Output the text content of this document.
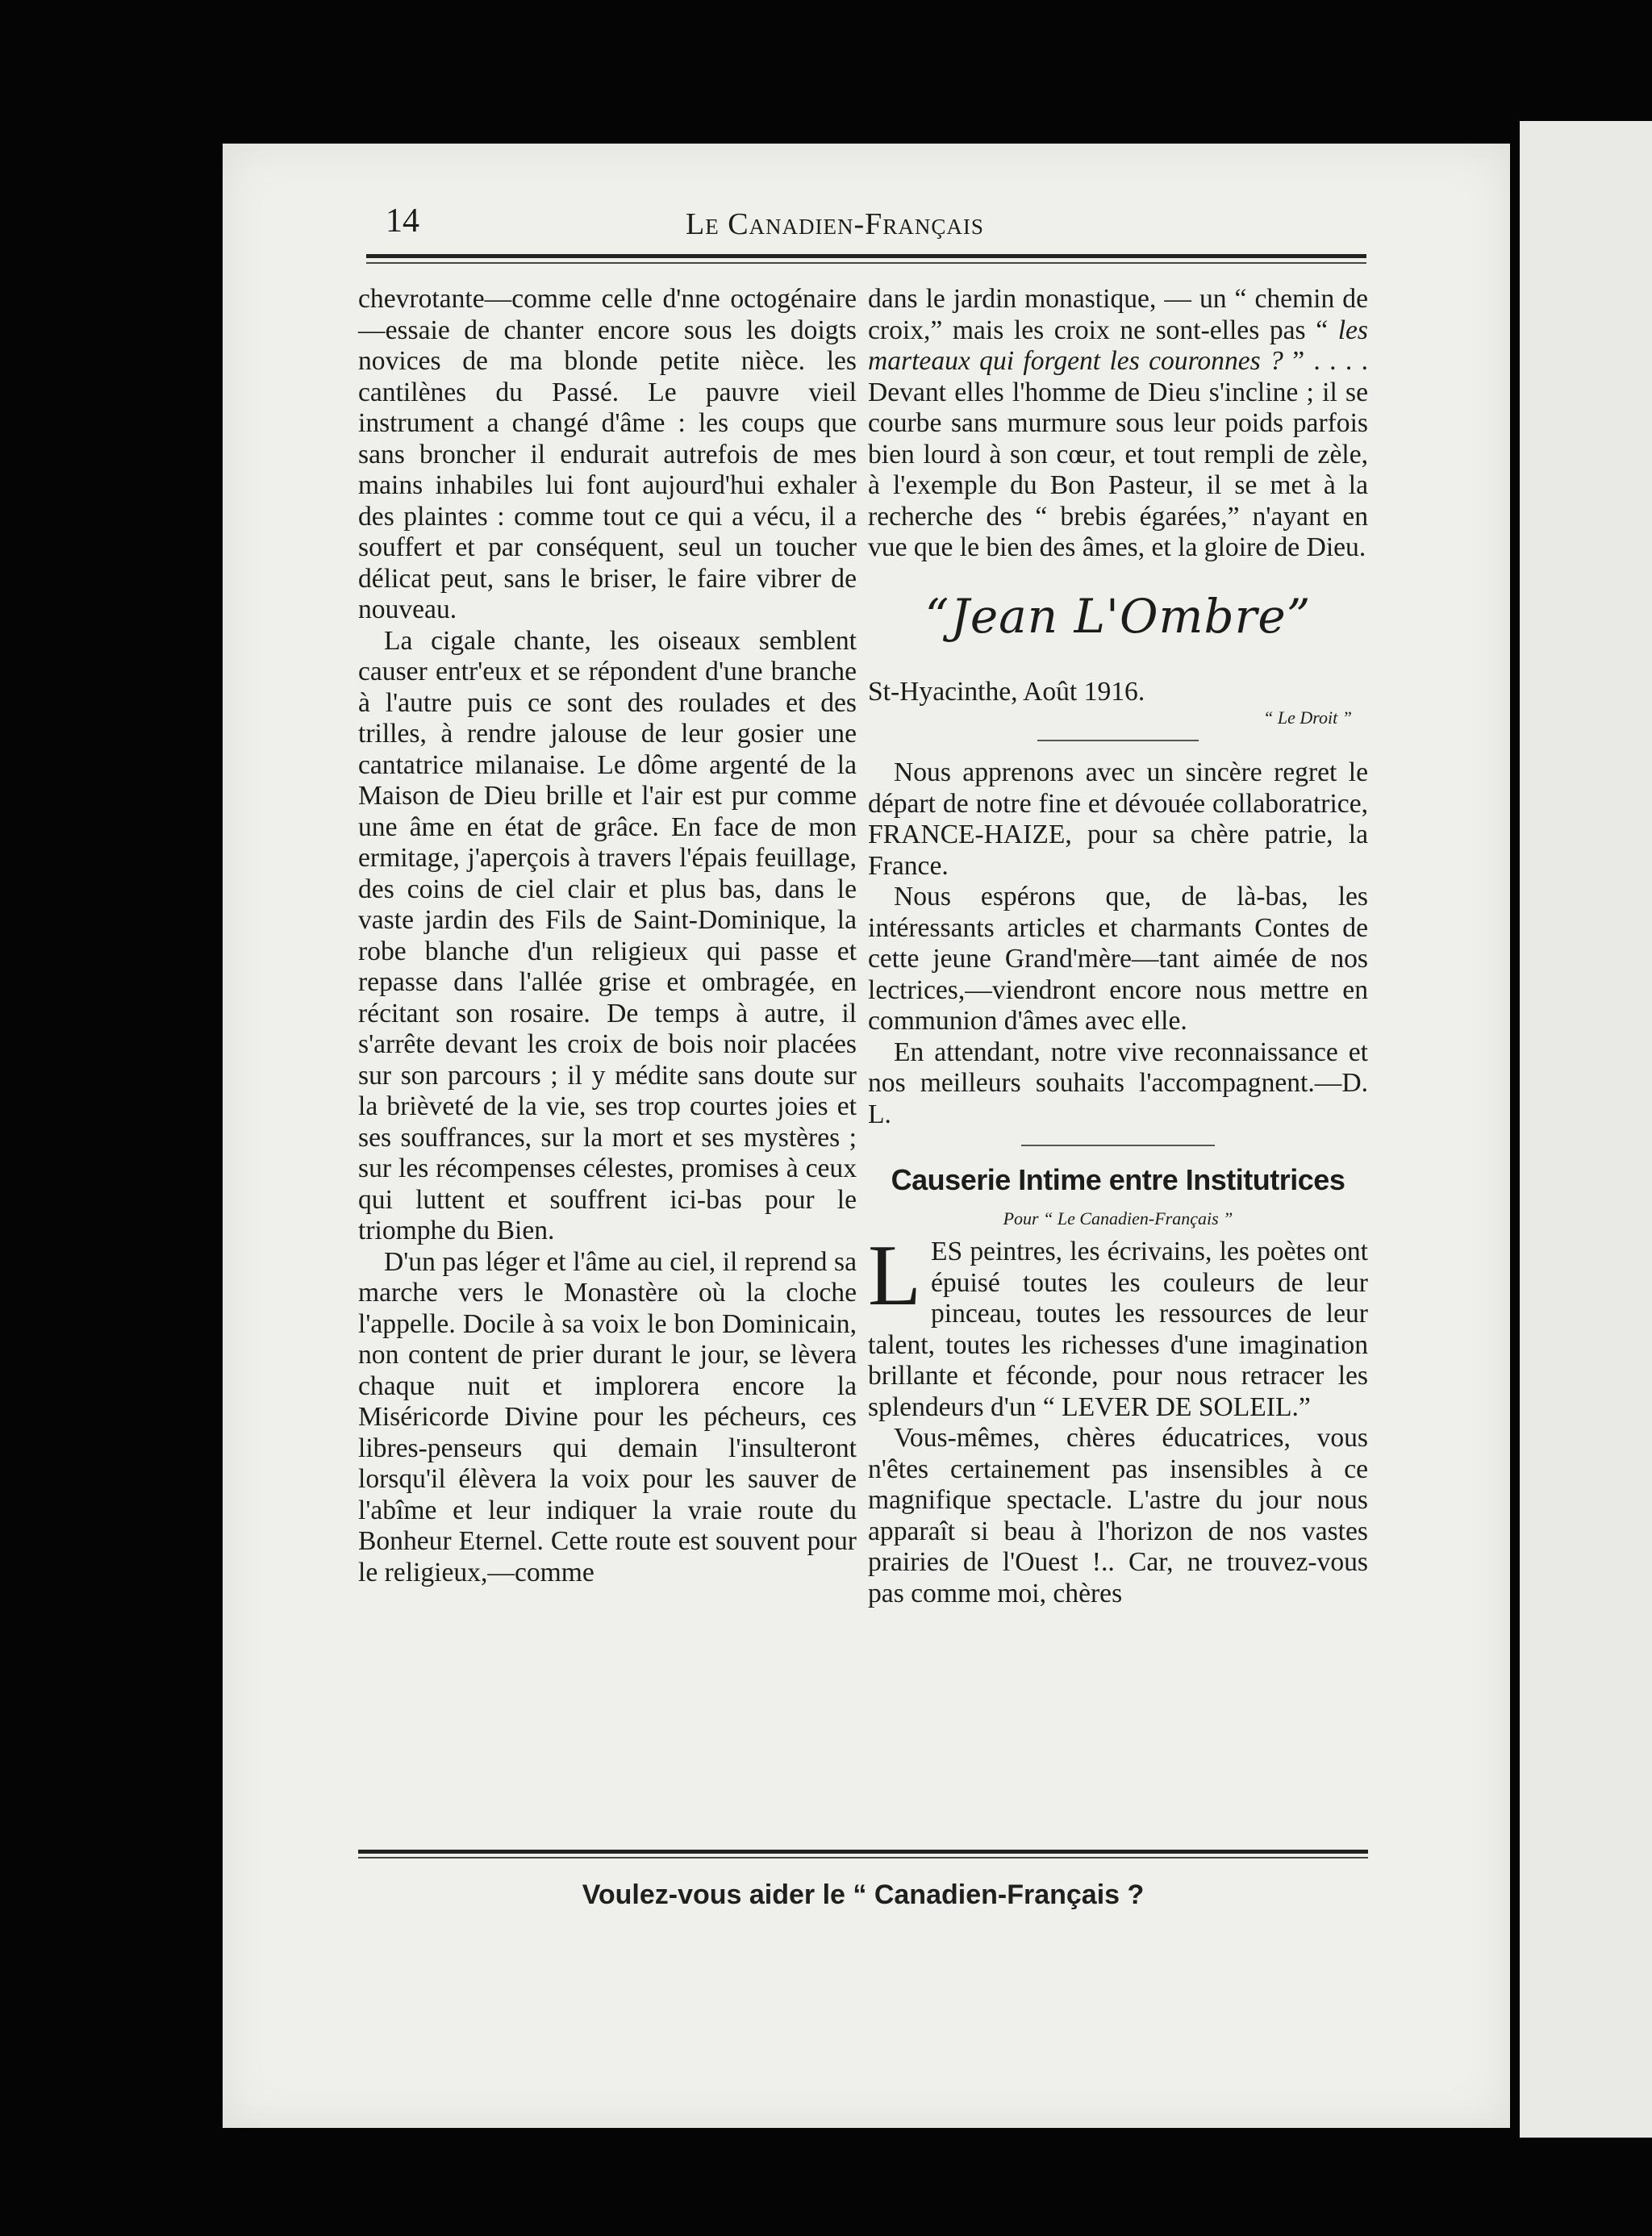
14	Le Canadien-Français

chevrotante—comme celle d'nne octogénaire—essaie de chanter encore sous les doigts novices de ma blonde petite nièce. les cantilènes du Passé. Le pauvre vieil instrument a changé d'âme : les coups que sans broncher il endurait autrefois de mes mains inhabiles lui font aujourd'hui exhaler des plaintes : comme tout ce qui a vécu, il a souffert et par conséquent, seul un toucher délicat peut, sans le briser, le faire vibrer de nouveau.

La cigale chante, les oiseaux semblent causer entr'eux et se répondent d'une branche à l'autre puis ce sont des roulades et des trilles, à rendre jalouse de leur gosier une cantatrice milanaise. Le dôme argenté de la Maison de Dieu brille et l'air est pur comme une âme en état de grâce. En face de mon ermitage, j'aperçois à travers l'épais feuillage, des coins de ciel clair et plus bas, dans le vaste jardin des Fils de Saint-Dominique, la robe blanche d'un religieux qui passe et repasse dans l'allée grise et ombragée, en récitant son rosaire. De temps à autre, il s'arrête devant les croix de bois noir placées sur son parcours ; il y médite sans doute sur la brièveté de la vie, ses trop courtes joies et ses souffrances, sur la mort et ses mystères ; sur les récompenses célestes, promises à ceux qui luttent et souffrent ici-bas pour le triomphe du Bien.

D'un pas léger et l'âme au ciel, il reprend sa marche vers le Monastère où la cloche l'appelle. Docile à sa voix le bon Dominicain, non content de prier durant le jour, se lèvera chaque nuit et implorera encore la Miséricorde Divine pour les pécheurs, ces libres-penseurs qui demain l'insulteront lorsqu'il élèvera la voix pour les sauver de l'abîme et leur indiquer la vraie route du Bonheur Eternel. Cette route est souvent pour le religieux,—comme

dans le jardin monastique, — un “ chemin de croix,” mais les croix ne sont-elles pas “ les marteaux qui forgent les couronnes ? ” . . . . Devant elles l'homme de Dieu s'incline ; il se courbe sans murmure sous leur poids parfois bien lourd à son cœur, et tout rempli de zèle, à l'exemple du Bon Pasteur, il se met à la recherche des “ brebis égarées,” n'ayant en vue que le bien des âmes, et la gloire de Dieu.

“Jean L'Ombre”

St-Hyacinthe, Août 1916.

“ Le Droit ”

Nous apprenons avec un sincère regret le départ de notre fine et dévouée collaboratrice, FRANCE-HAIZE, pour sa chère patrie, la France.

Nous espérons que, de là-bas, les intéressants articles et charmants Contes de cette jeune Grand'mère—tant aimée de nos lectrices,—viendront encore nous mettre en communion d'âmes avec elle.

En attendant, notre vive reconnaissance et nos meilleurs souhaits l'accompagnent.—D. L.

Causerie Intime entre Institutrices
Pour “ Le Canadien-Français ”

LES peintres, les écrivains, les poètes ont épuisé toutes les couleurs de leur pinceau, toutes les ressources de leur talent, toutes les richesses d'une imagination brillante et féconde, pour nous retracer les splendeurs d'un “ LEVER DE SOLEIL.”

Vous-mêmes, chères éducatrices, vous n'êtes certainement pas insensibles à ce magnifique spectacle. L'astre du jour nous apparaît si beau à l'horizon de nos vastes prairies de l'Ouest !.. Car, ne trouvez-vous pas comme moi, chères

Voulez-vous aider le “ Canadien-Français ?
